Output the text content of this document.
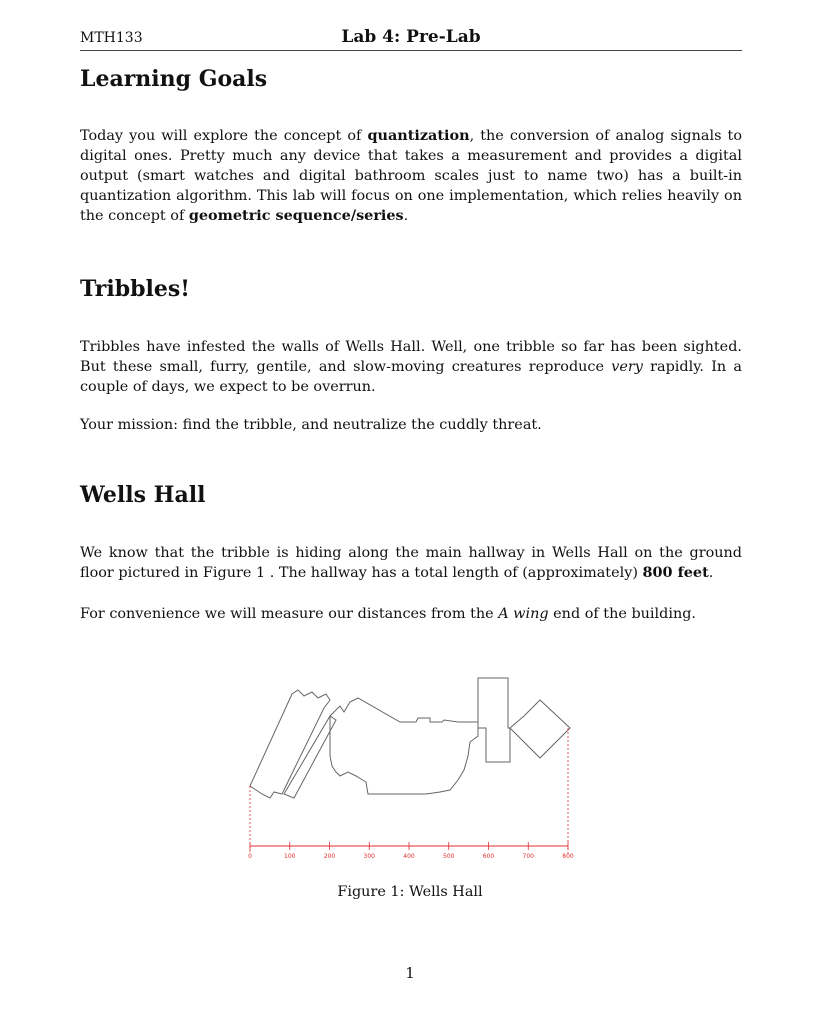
MTH133	Lab 4: Pre-Lab
Learning Goals

Today you will explore the concept of quantization, the conversion of analog signals to digital ones. Pretty much any device that takes a measurement and provides a digital output (smart watches and digital bathroom scales just to name two) has a built-in quantization algorithm. This lab will focus on one implementation, which relies heavily on the concept of geometric sequence/series.

Tribbles!

Tribbles have infested the walls of Wells Hall. Well, one tribble so far has been sighted. But these small, furry, gentile, and slow-moving creatures reproduce very rapidly. In a couple of days, we expect to be overrun.

Your mission: find the tribble, and neutralize the cuddly threat.

Wells Hall

We know that the tribble is hiding along the main hallway in Wells Hall on the ground floor pictured in Figure 1 . The hallway has a total length of (approximately) 800 feet.

For convenience we will measure our distances from the A wing end of the building.

0	100	200	300	400	500	600	700	800
Figure 1: Wells Hall
1
